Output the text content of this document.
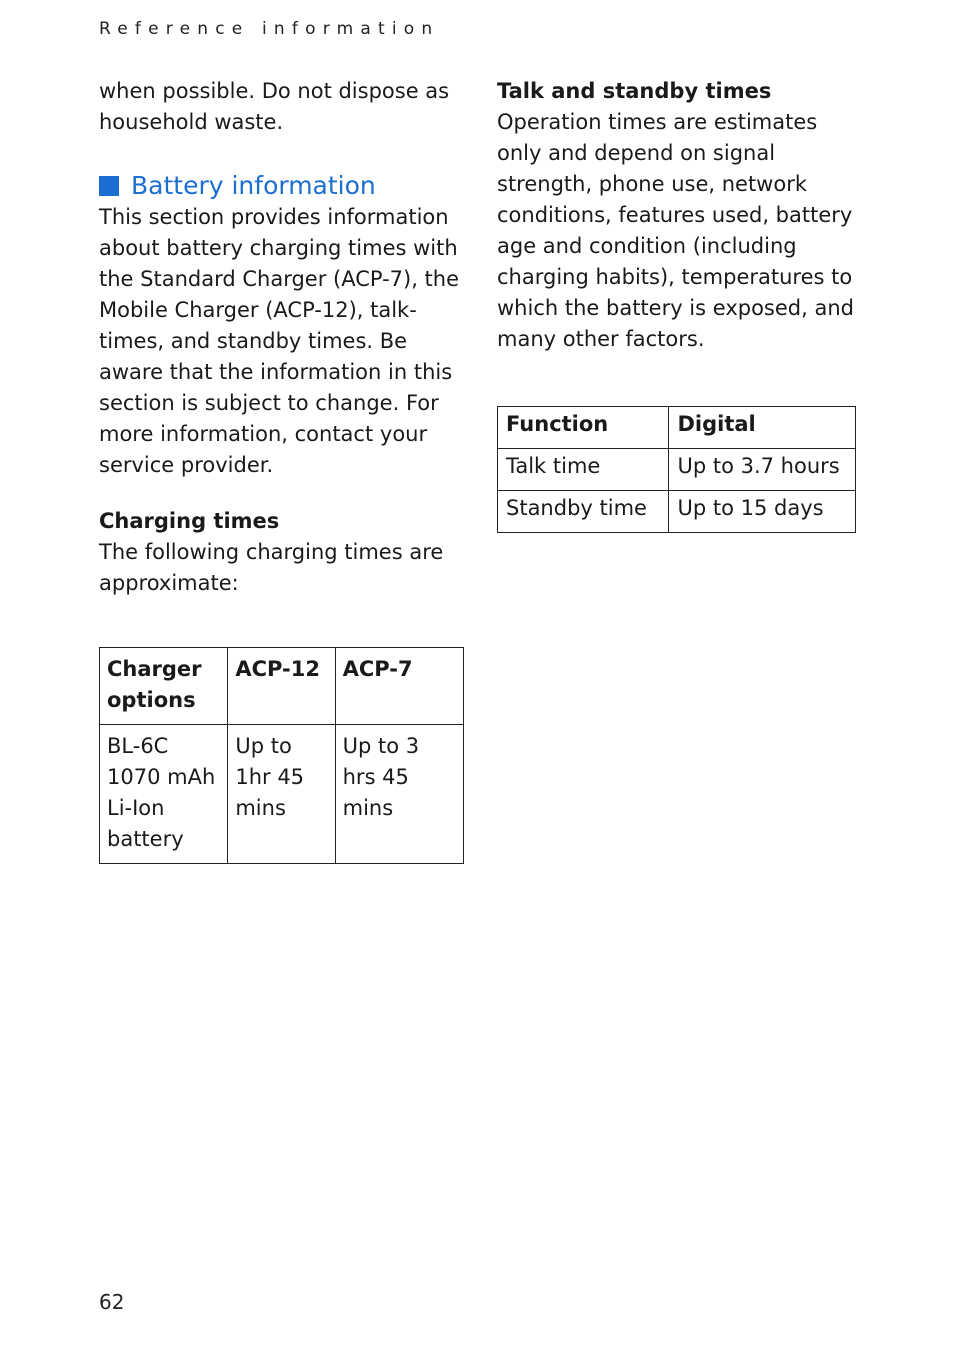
Reference information

when possible. Do not dispose as household waste.

Battery information

This section provides information about battery charging times with the Standard Charger (ACP-7), the Mobile Charger (ACP-12), talk-times, and standby times. Be aware that the information in this section is subject to change. For more information, contact your service provider.

Charging times

The following charging times are approximate:

Charger options	ACP-12	ACP-7
BL-6C 1070 mAh Li-Ion battery	Up to 1hr 45 mins	Up to 3 hrs 45 mins
Talk and standby times

Operation times are estimates only and depend on signal strength, phone use, network conditions, features used, battery age and condition (including charging habits), temperatures to which the battery is exposed, and many other factors.

Function	Digital
Talk time	Up to 3.7 hours
Standby time	Up to 15 days
62
